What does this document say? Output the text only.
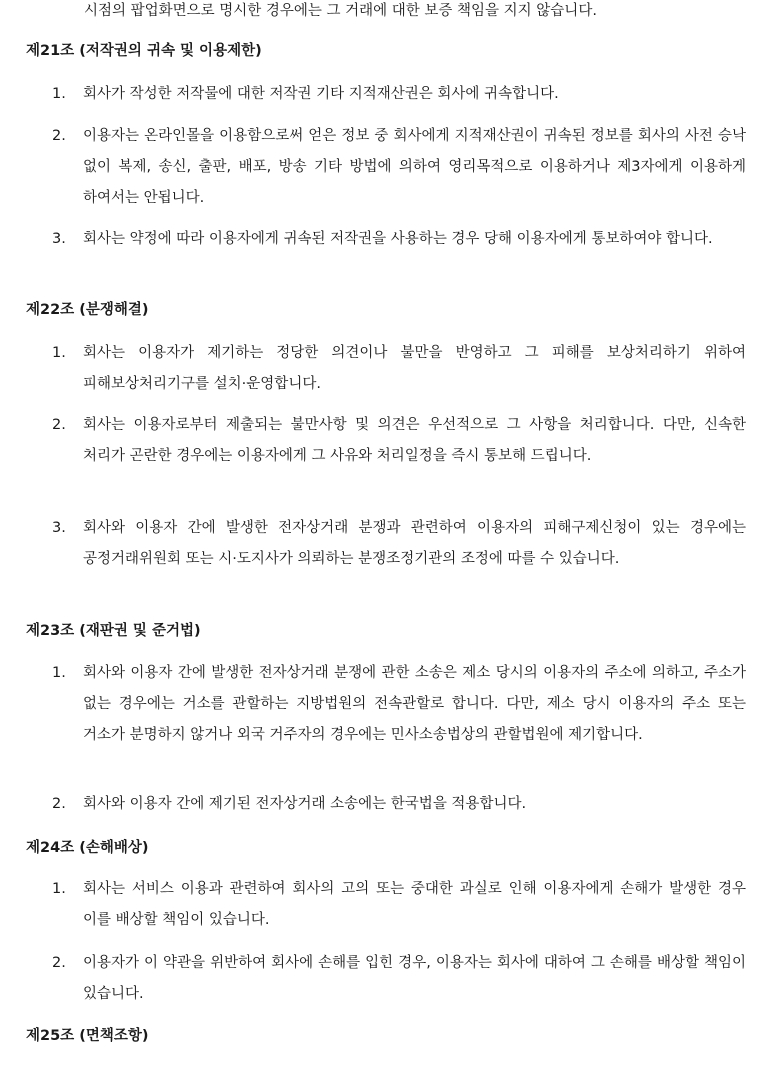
시점의 팝업화면으로 명시한 경우에는 그 거래에 대한 보증 책임을 지지 않습니다.
제21조 (저작권의 귀속 및 이용제한)
1.	회사가 작성한 저작물에 대한 저작권 기타 지적재산권은 회사에 귀속합니다.
2.	이용자는 온라인몰을 이용함으로써 얻은 정보 중 회사에게 지적재산권이 귀속된 정보를 회사의 사전 승낙 없이 복제, 송신, 출판, 배포, 방송 기타 방법에 의하여 영리목적으로 이용하거나 제3자에게 이용하게 하여서는 안됩니다.
3.	회사는 약정에 따라 이용자에게 귀속된 저작권을 사용하는 경우 당해 이용자에게 통보하여야 합니다.
제22조 (분쟁해결)
1.	회사는 이용자가 제기하는 정당한 의견이나 불만을 반영하고 그 피해를 보상처리하기 위하여 피해보상처리기구를 설치·운영합니다.
2.	회사는 이용자로부터 제출되는 불만사항 및 의견은 우선적으로 그 사항을 처리합니다. 다만, 신속한 처리가 곤란한 경우에는 이용자에게 그 사유와 처리일정을 즉시 통보해 드립니다.
3.	회사와 이용자 간에 발생한 전자상거래 분쟁과 관련하여 이용자의 피해구제신청이 있는 경우에는 공정거래위원회 또는 시·도지사가 의뢰하는 분쟁조정기관의 조정에 따를 수 있습니다.
제23조 (재판권 및 준거법)
1.	회사와 이용자 간에 발생한 전자상거래 분쟁에 관한 소송은 제소 당시의 이용자의 주소에 의하고, 주소가 없는 경우에는 거소를 관할하는 지방법원의 전속관할로 합니다. 다만, 제소 당시 이용자의 주소 또는 거소가 분명하지 않거나 외국 거주자의 경우에는 민사소송법상의 관할법원에 제기합니다.
2.	회사와 이용자 간에 제기된 전자상거래 소송에는 한국법을 적용합니다.
제24조 (손해배상)
1.	회사는 서비스 이용과 관련하여 회사의 고의 또는 중대한 과실로 인해 이용자에게 손해가 발생한 경우 이를 배상할 책임이 있습니다.
2.	이용자가 이 약관을 위반하여 회사에 손해를 입힌 경우, 이용자는 회사에 대하여 그 손해를 배상할 책임이 있습니다.
제25조 (면책조항)
